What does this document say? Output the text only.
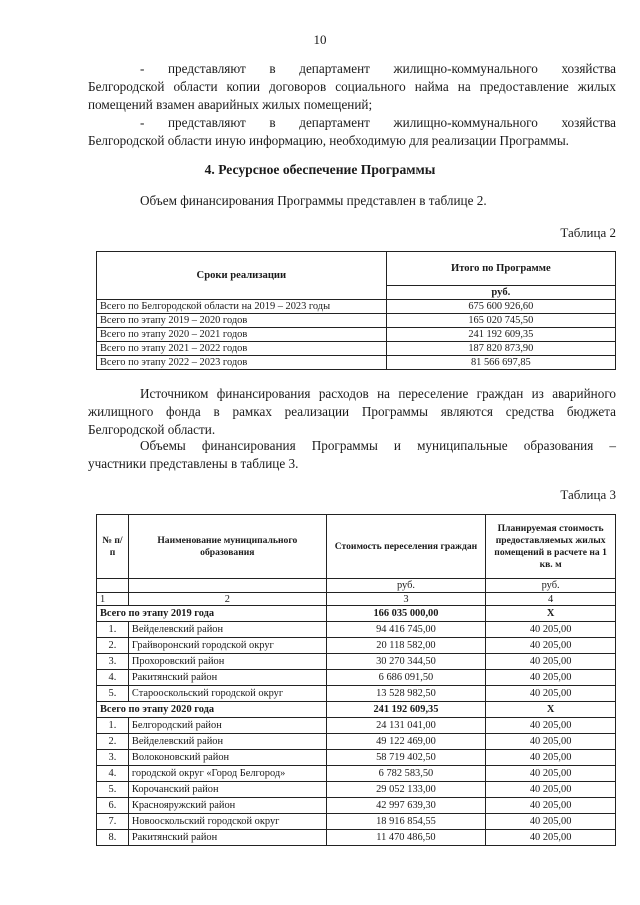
10
- представляют в департамент жилищно-коммунального хозяйства
Белгородской области копии договоров социального найма на предоставление жилых
помещений взамен аварийных жилых помещений;
- представляют в департамент жилищно-коммунального хозяйства
Белгородской области иную информацию, необходимую для реализации Программы.
4. Ресурсное обеспечение Программы
Объем финансирования Программы представлен в таблице 2.
Таблица 2
Сроки реализации	Итого по Программе
	руб.
Всего по Белгородской области на 2019 – 2023 годы	675 600 926,60
Всего по этапу 2019 – 2020 годов	165 020 745,50
Всего по этапу 2020 – 2021 годов	241 192 609,35
Всего по этапу 2021 – 2022 годов	187 820 873,90
Всего по этапу 2022 – 2023 годов	81 566 697,85
Источником финансирования расходов на переселение граждан из аварийного
жилищного фонда в рамках реализации Программы являются средства бюджета
Белгородской области.
Объемы финансирования Программы и муниципальные образования –
участники представлены в таблице 3.
Таблица 3
№ п/п	Наименование муниципального образования	Стоимость переселения граждан	Планируемая стоимость предоставляемых жилых помещений в расчете на 1 кв. м
		руб.	руб.
1	2	3	4
Всего по этапу 2019 года		166 035 000,00	Х
1.	Вейделевский район	94 416 745,00	40 205,00
2.	Грайворонский городской округ	20 118 582,00	40 205,00
3.	Прохоровский район	30 270 344,50	40 205,00
4.	Ракитянский район	6 686 091,50	40 205,00
5.	Старооскольский городской округ	13 528 982,50	40 205,00
Всего по этапу 2020 года		241 192 609,35	Х
1.	Белгородский район	24 131 041,00	40 205,00
2.	Вейделевский район	49 122 469,00	40 205,00
3.	Волоконовский район	58 719 402,50	40 205,00
4.	городской округ «Город Белгород»	6 782 583,50	40 205,00
5.	Корочанский район	29 052 133,00	40 205,00
6.	Краснояружский район	42 997 639,30	40 205,00
7.	Новооскольский городской округ	18 916 854,55	40 205,00
8.	Ракитянский район	11 470 486,50	40 205,00
